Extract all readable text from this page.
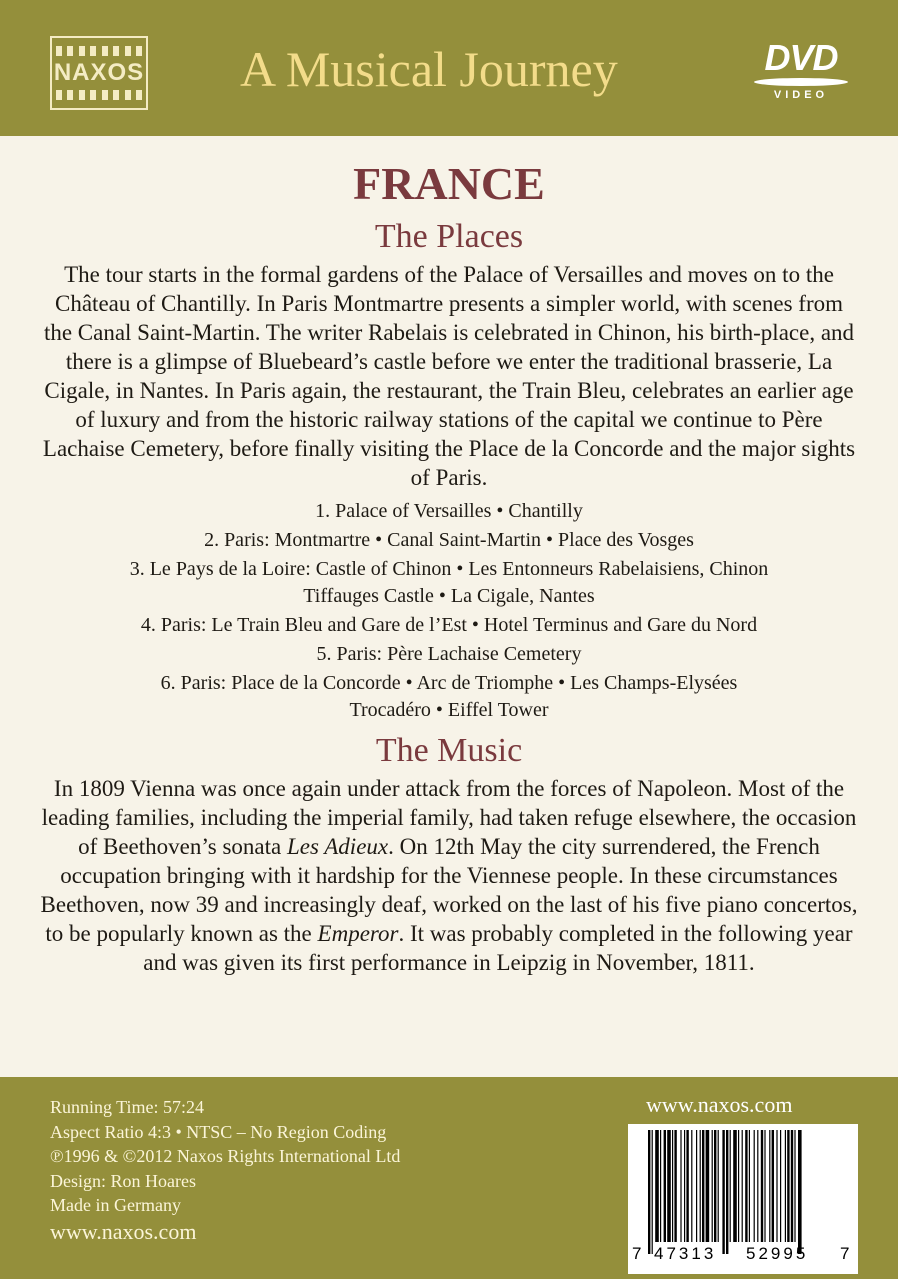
NAXOS A Musical Journey	DVD
VIDEO
FRANCE
The Places

The tour starts in the formal gardens of the Palace of Versailles and moves on to the Château of Chantilly. In Paris Montmartre presents a simpler world, with scenes from the Canal Saint-Martin. The writer Rabelais is celebrated in Chinon, his birth-place, and there is a glimpse of Bluebeard’s castle before we enter the traditional brasserie, La Cigale, in Nantes. In Paris again, the restaurant, the Train Bleu, celebrates an earlier age of luxury and from the historic railway stations of the capital we continue to Père Lachaise Cemetery, before finally visiting the Place de la Concorde and the major sights of Paris.

1. Palace of Versailles • Chantilly
2. Paris: Montmartre • Canal Saint-Martin • Place des Vosges
3. Le Pays de la Loire: Castle of Chinon • Les Entonneurs Rabelaisiens, Chinon
Tiffauges Castle • La Cigale, Nantes
4. Paris: Le Train Bleu and Gare de l’Est • Hotel Terminus and Gare du Nord
5. Paris: Père Lachaise Cemetery
6. Paris: Place de la Concorde • Arc de Triomphe • Les Champs-Elysées
Trocadéro • Eiffel Tower
The Music

In 1809 Vienna was once again under attack from the forces of Napoleon. Most of the leading families, including the imperial family, had taken refuge elsewhere, the occasion of Beethoven’s sonata Les Adieux. On 12th May the city surrendered, the French occupation bringing with it hardship for the Viennese people. In these circumstances Beethoven, now 39 and increasingly deaf, worked on the last of his five piano concertos, to be popularly known as the Emperor. It was probably completed in the following year and was given its first performance in Leipzig in November, 1811.

Running Time: 57:24
Aspect Ratio 4:3 • NTSC – No Region Coding
℗1996 & ©2012 Naxos Rights International Ltd
Design: Ron Hoares
Made in Germany
www.naxos.com
www.naxos.com
7 47313 52995 7
